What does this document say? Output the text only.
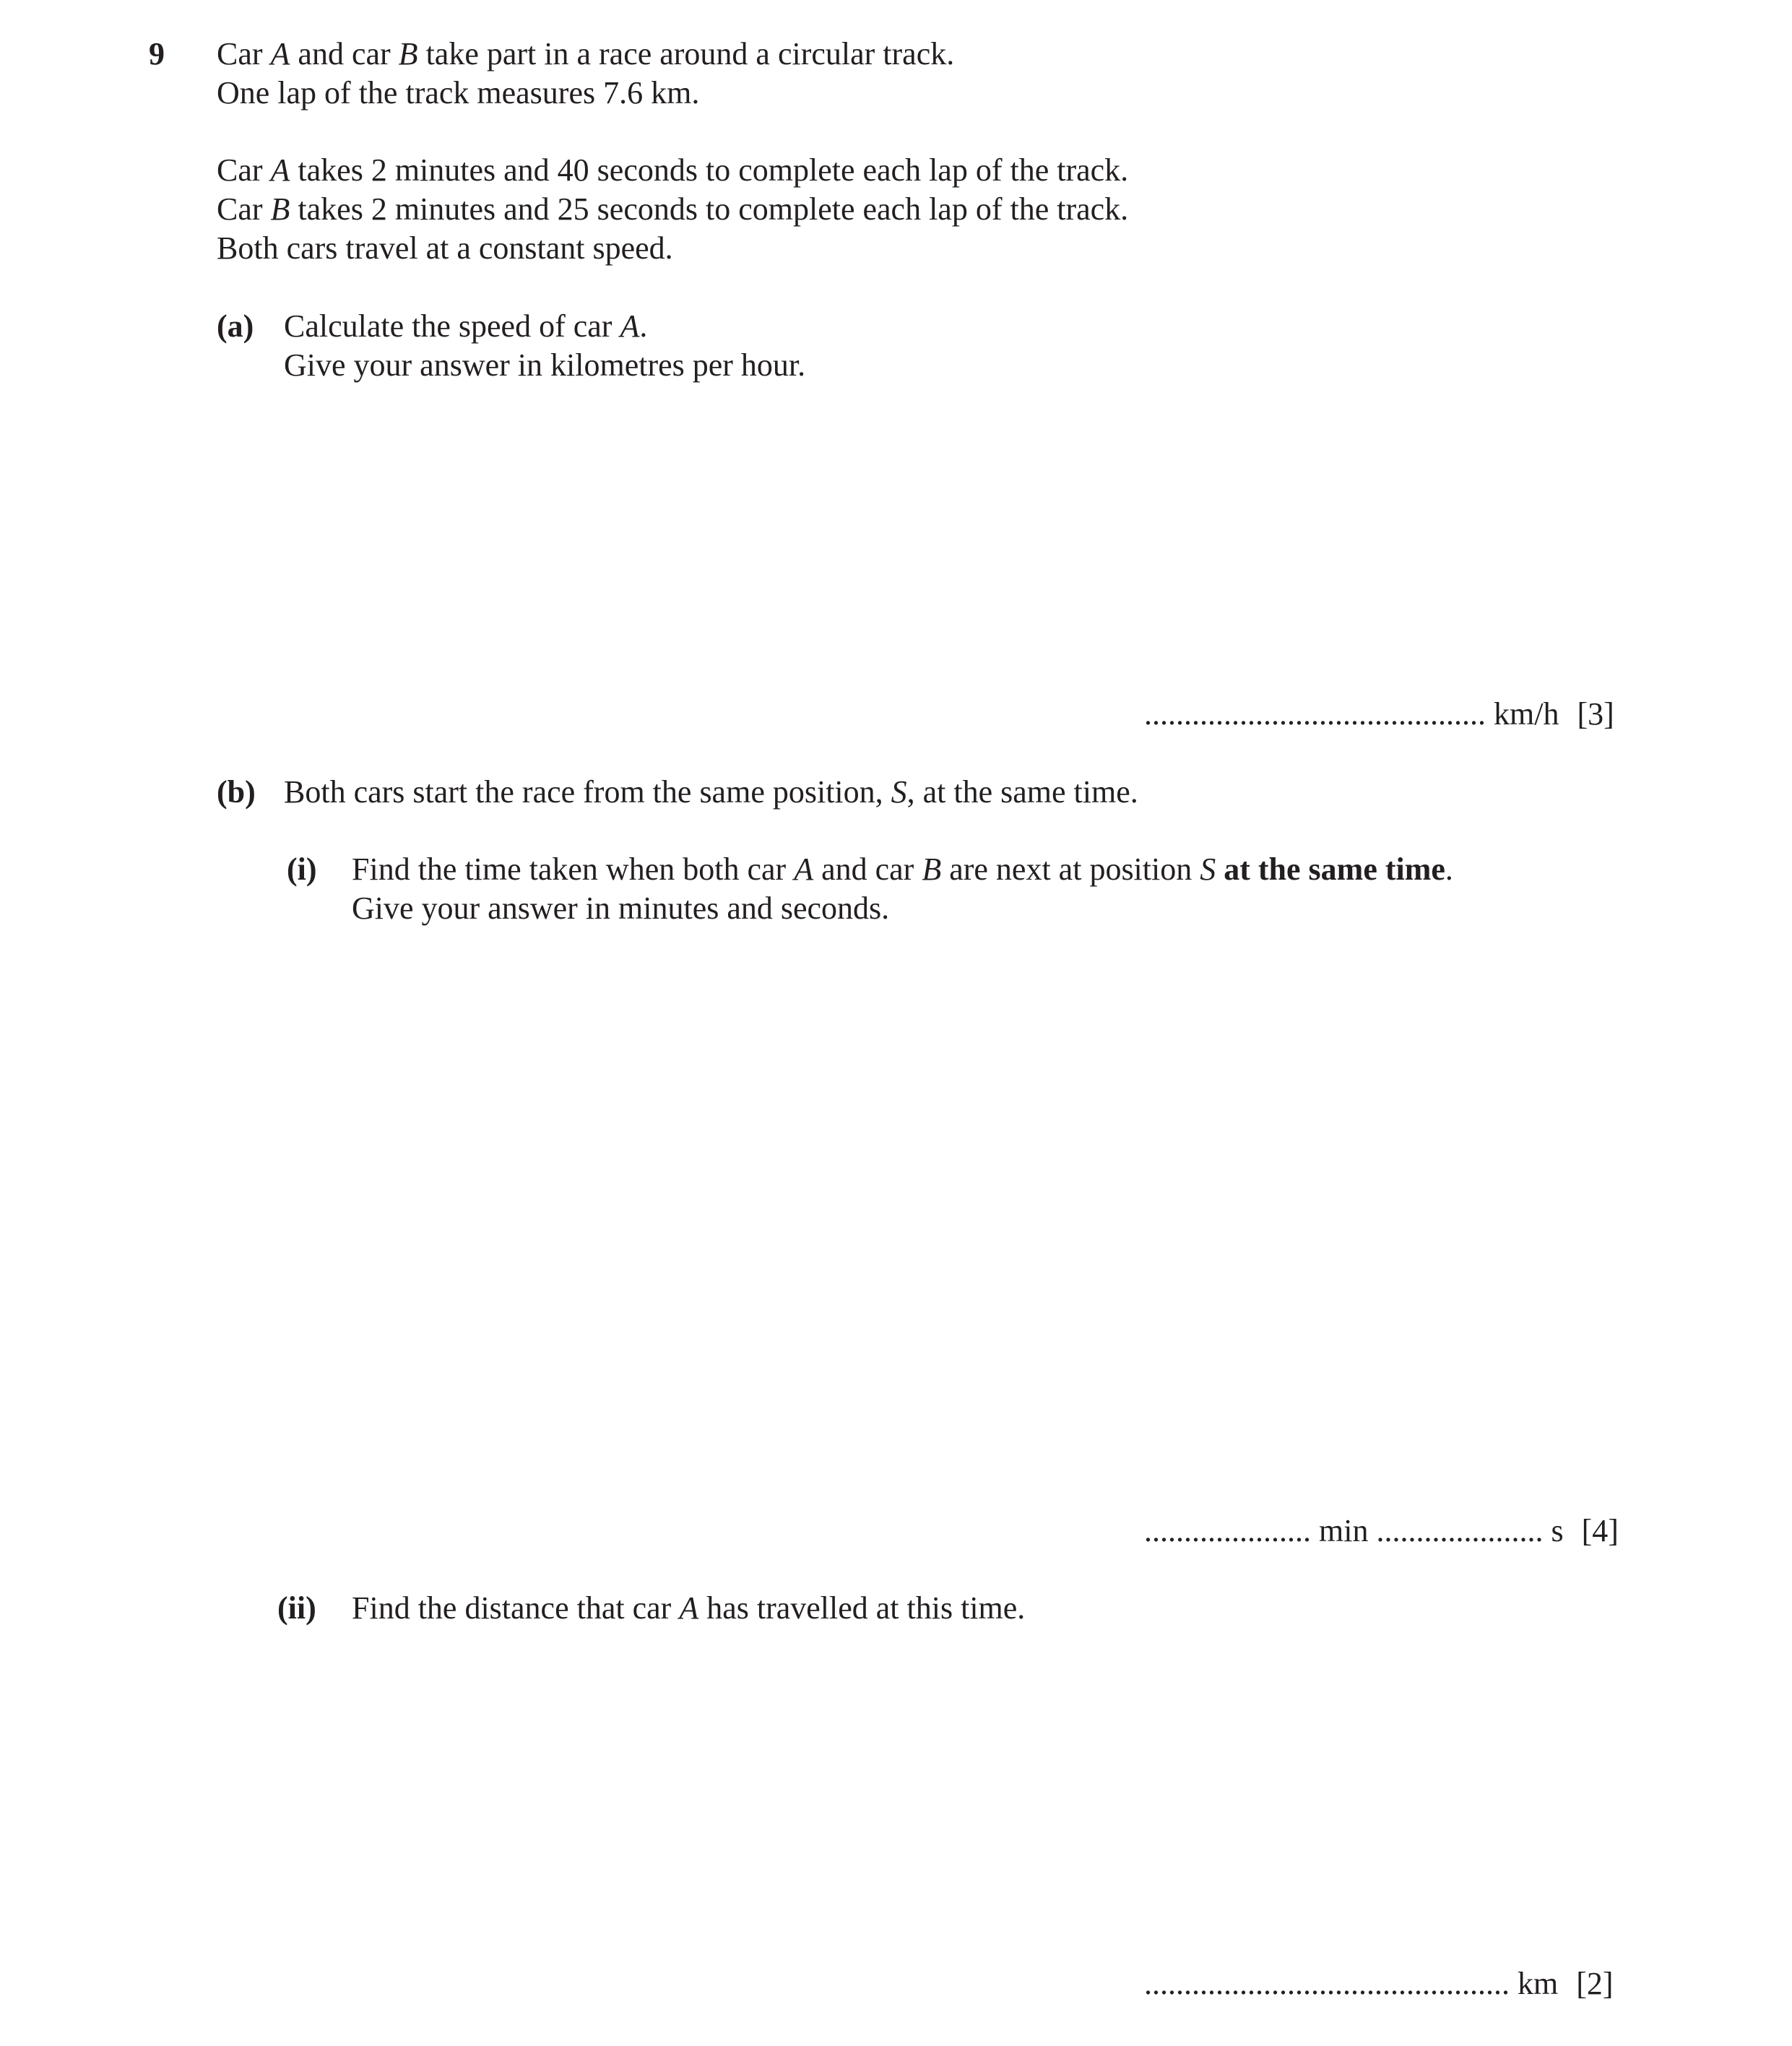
9 Car A and car B take part in a race around a circular track.
One lap of the track measures 7.6 km.
Car A takes 2 minutes and 40 seconds to complete each lap of the track.
Car B takes 2 minutes and 25 seconds to complete each lap of the track.
Both cars travel at a constant speed.
(a) Calculate the speed of car A.
Give your answer in kilometres per hour.
........................................... km/h [3]
(b) Both cars start the race from the same position, S, at the same time.
(i) Find the time taken when both car A and car B are next at position S at the same time.
Give your answer in minutes and seconds.
..................... min ..................... s [4]
(ii) Find the distance that car A has travelled at this time.
.............................................. km [2]
